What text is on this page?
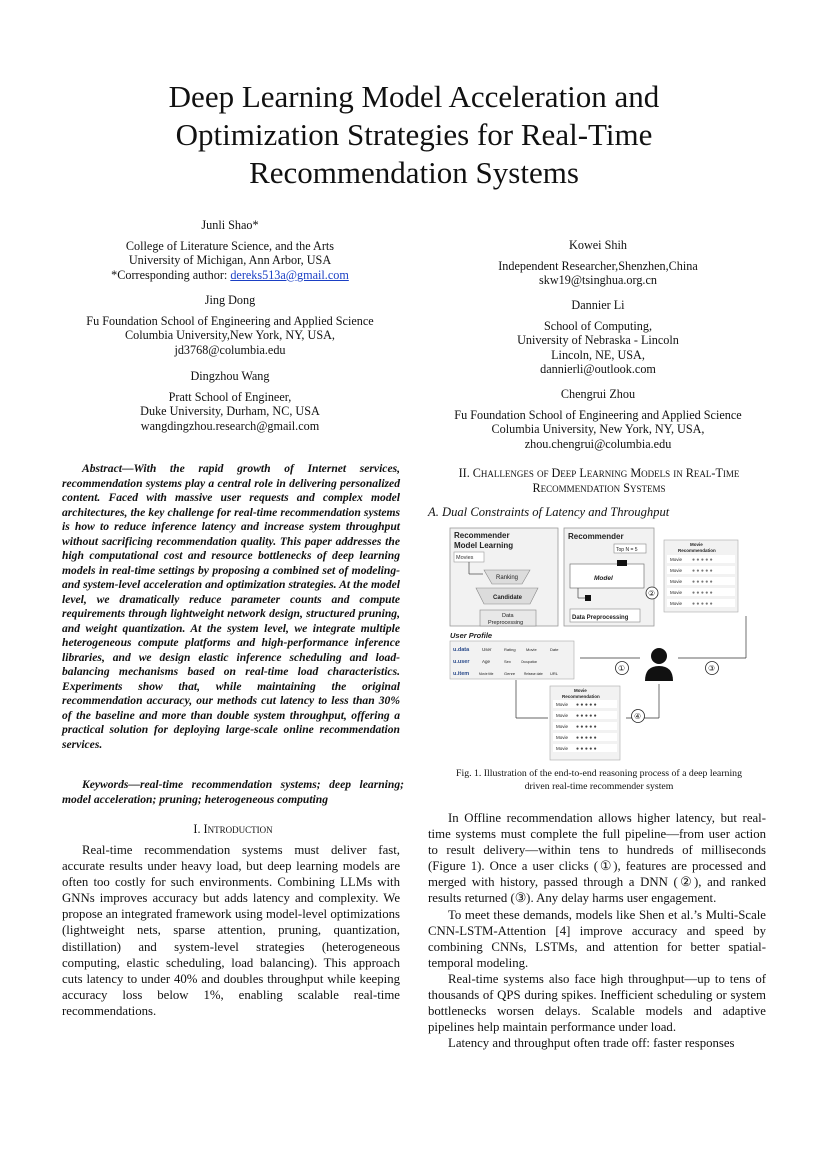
Deep Learning Model Acceleration and
Optimization Strategies for Real-Time
Recommendation Systems
Junli Shao*
College of Literature Science, and the Arts
University of Michigan, Ann Arbor, USA
*Corresponding author: dereks513a@gmail.com
Jing Dong
Fu Foundation School of Engineering and Applied Science
Columbia University,New York, NY, USA,
jd3768@columbia.edu
Dingzhou Wang
Pratt School of Engineer,
Duke University, Durham, NC, USA
wangdingzhou.research@gmail.com
Kowei Shih
Independent Researcher,Shenzhen,China
skw19@tsinghua.org.cn
Dannier Li
School of Computing,
University of Nebraska - Lincoln
Lincoln, NE, USA,
dannierli@outlook.com
Chengrui Zhou
Fu Foundation School of Engineering and Applied Science
Columbia University, New York, NY, USA,
zhou.chengrui@columbia.edu
Abstract—With the rapid growth of Internet services, recommendation systems play a central role in delivering personalized content. Faced with massive user requests and complex model architectures, the key challenge for real-time recommendation systems is how to reduce inference latency and increase system throughput without sacrificing recommendation quality. This paper addresses the high computational cost and resource bottlenecks of deep learning models in real-time settings by proposing a combined set of modeling- and system-level acceleration and optimization strategies. At the model level, we dramatically reduce parameter counts and compute requirements through lightweight network design, structured pruning, and weight quantization. At the system level, we integrate multiple heterogeneous compute platforms and high-performance inference libraries, and we design elastic inference scheduling and load-balancing mechanisms based on real-time load characteristics. Experiments show that, while maintaining the original recommendation accuracy, our methods cut latency to less than 30% of the baseline and more than double system throughput, offering a practical solution for deploying large-scale online recommendation services.
Keywords—real-time recommendation systems; deep learning; model acceleration; pruning; heterogeneous computing
I. Introduction

Real-time recommendation systems must deliver fast, accurate results under heavy load, but deep learning models are often too costly for such environments. Combining LLMs with GNNs improves accuracy but adds latency and complexity. We propose an integrated framework using model-level optimizations (lightweight nets, sparse attention, pruning, quantization, distillation) and system-level strategies (heterogeneous computing, elastic scheduling, load balancing). This approach cuts latency to under 40% and doubles throughput while keeping accuracy loss below 1%, enabling scalable real-time recommendations.

II. Challenges of Deep Learning Models in Real-Time
Recommendation Systems
A. Dual Constraints of Latency and Throughput
Recommender
Model Learning
Movies
Ranking
Candidate
Data
Preprocessing
Recommender
Top N = 5
Model
Data Preprocessing
Movie
Recommendation
Movie ● ● ● ● ●
Movie ● ● ● ● ●
Movie ● ● ● ● ●
Movie ● ● ● ● ●
Movie ● ● ● ● ●
②
User Profile
u.data	User	Rating	Movie	Date
u.user	Age	Sex	Occupation
u.item	Movie title	Genre	Release date URL
①	③
④
Movie
Recommendation
Movie ● ● ● ● ●
Movie ● ● ● ● ●
Movie ● ● ● ● ●
Movie ● ● ● ● ●
Movie ● ● ● ● ●
Fig. 1. Illustration of the end-to-end reasoning process of a deep learning
driven real-time recommender system

In Offline recommendation allows higher latency, but real-time systems must complete the full pipeline—from user action to result delivery—within tens to hundreds of milliseconds (Figure 1). Once a user clicks (①), features are processed and merged with history, passed through a DNN (②), and ranked results returned (③). Any delay harms user engagement.

To meet these demands, models like Shen et al.’s Multi-Scale CNN-LSTM-Attention [4] improve accuracy and speed by combining CNNs, LSTMs, and attention for better spatial-temporal modeling.

Real-time systems also face high throughput—up to tens of thousands of QPS during spikes. Inefficient scheduling or system bottlenecks worsen delays. Scalable models and adaptive pipelines help maintain performance under load.

Latency and throughput often trade off: faster responses
